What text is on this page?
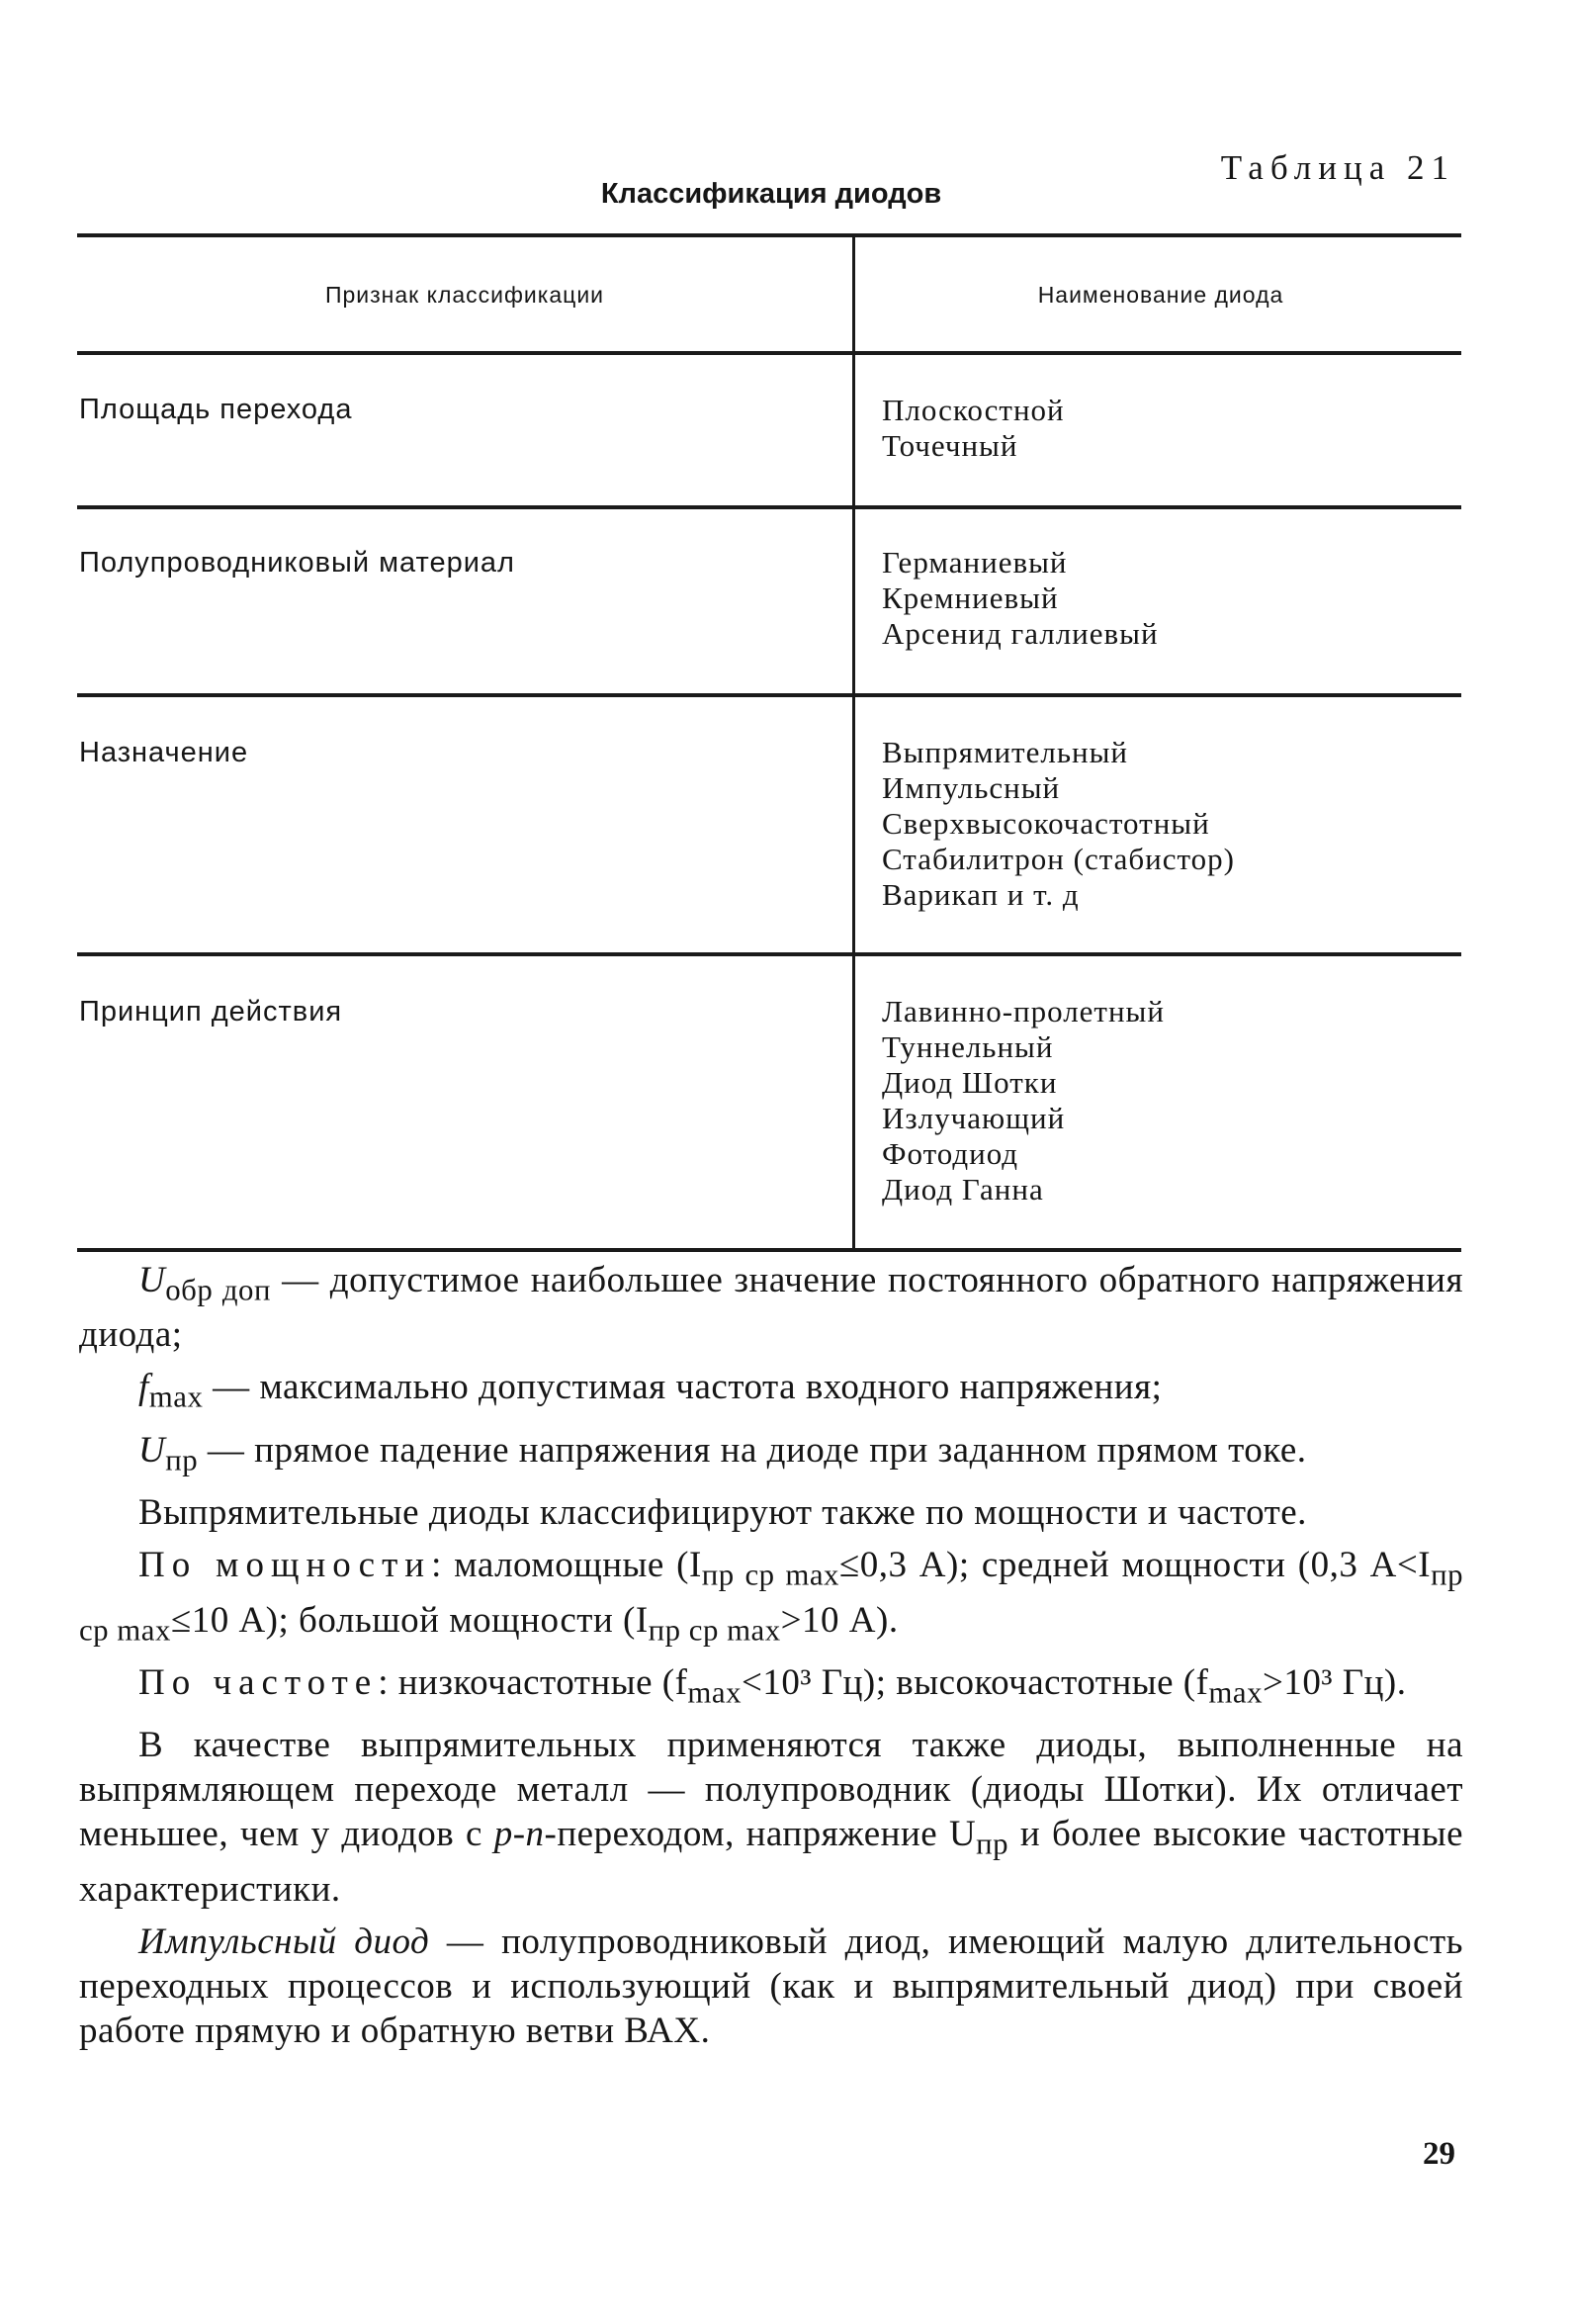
Таблица 21
Классификация диодов
Признак классификации	Наименование диода
Площадь перехода	Плоскостной
Точечный
Полупроводниковый материал	Германиевый
Кремниевый
Арсенид галлиевый
Назначение	Выпрямительный
Импульсный
Сверхвысокочастотный
Стабилитрон (стабистор)
Варикап и т. д
Принцип действия	Лавинно-пролетный
Туннельный
Диод Шотки
Излучающий
Фотодиод
Диод Ганна

$U_{обр доп}$ — допустимое наибольшее значение постоянного обратного напряжения диода;

$f_{max}$ — максимально допустимая частота входного напряжения;

$U_{пр}$ — прямое падение напряжения на диоде при заданном прямом токе.

Выпрямительные диоды классифицируют также по мощности и частоте.

По мощности: маломощные ($I_{пр ср max}\le 0,3$ А); средней мощности (0,3 $А<I_{пр ср max}\le 10$ А); большой мощности ($I_{пр ср max}>10$ А).

По частоте: низкочастотные ($f_{max}<10^3$ Гц); высокочастотные ($f_{max}>10^3$ Гц).

В качестве выпрямительных применяются также диоды, выполненные на выпрямляющем переходе металл — полупроводник (диоды Шотки). Их отличает меньшее, чем у диодов с p-n-переходом, напряжение $U_{пр}$ и более высокие частотные характеристики.

Импульсный диод — полупроводниковый диод, имеющий малую длительность переходных процессов и использующий (как и выпрямительный диод) при своей работе прямую и обратную ветви ВАХ.

29
